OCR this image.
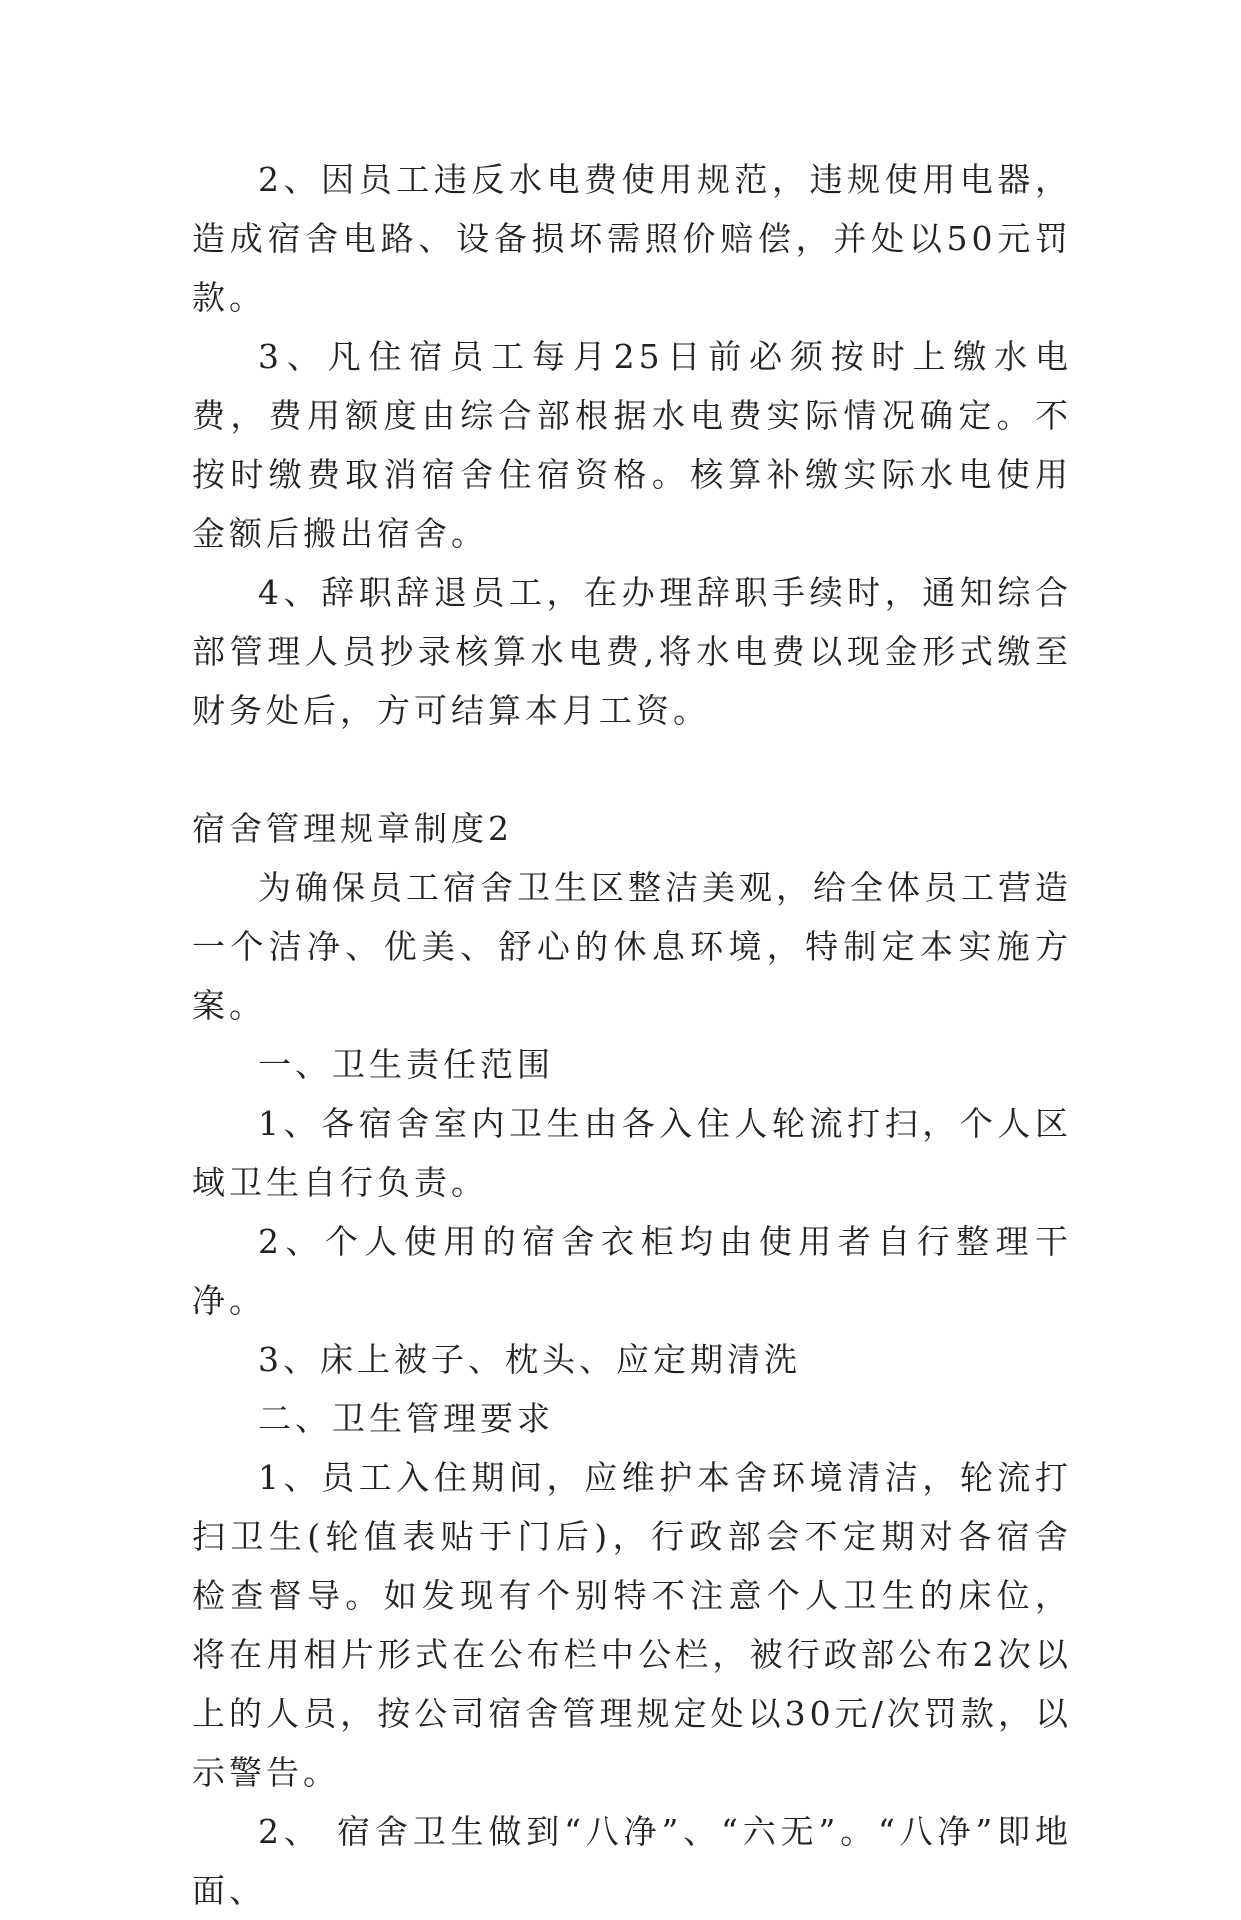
2、因员工违反水电费使用规范，违规使用电器，造成宿舍电路、设备损坏需照价赔偿，并处以50元罚款。

3、凡住宿员工每月25日前必须按时上缴水电费，费用额度由综合部根据水电费实际情况确定。不按时缴费取消宿舍住宿资格。核算补缴实际水电使用金额后搬出宿舍。

4、辞职辞退员工，在办理辞职手续时，通知综合部管理人员抄录核算水电费,将水电费以现金形式缴至财务处后，方可结算本月工资。

宿舍管理规章制度2

为确保员工宿舍卫生区整洁美观，给全体员工营造一个洁净、优美、舒心的休息环境，特制定本实施方案。

一、卫生责任范围

1、各宿舍室内卫生由各入住人轮流打扫，个人区域卫生自行负责。

2、个人使用的宿舍衣柜均由使用者自行整理干净。

3、床上被子、枕头、应定期清洗

二、卫生管理要求

1、员工入住期间，应维护本舍环境清洁，轮流打扫卫生(轮值表贴于门后)，行政部会不定期对各宿舍检查督导。如发现有个别特不注意个人卫生的床位，将在用相片形式在公布栏中公栏，被行政部公布2次以上的人员，按公司宿舍管理规定处以30元/次罚款，以示警告。

2、 宿舍卫生做到“八净”、“六无”。“八净”即地面、
